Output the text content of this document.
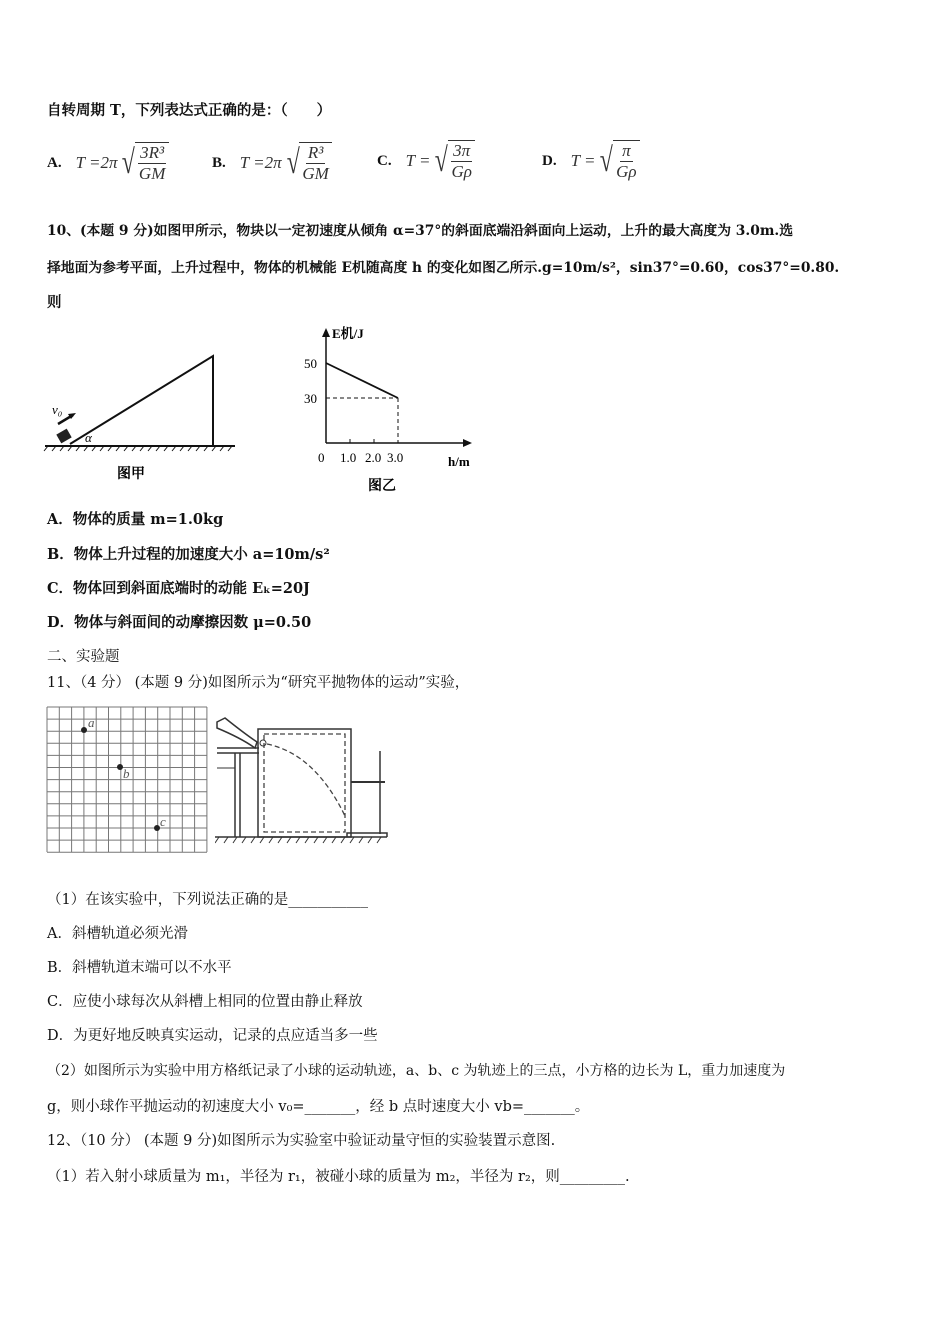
自转周期 T，下列表达式正确的是：（　　）
A. T =2π √ $\frac{\text{3R³}}{GM}$	B. T =2π √ $\frac{\text{R³}}{GM}$	C. T = √ $\frac{3\pi}{G\rho}$	D. T = √ $\frac{\pi}{G\rho}$
10、(本题 9 分)如图甲所示，物块以一定初速度从倾角 α=37°的斜面底端沿斜面向上运动，上升的最大高度为 3.0m.选
择地面为参考平面，上升过程中，物体的机械能 E机随高度 h 的变化如图乙所示.g=10m/s²，sin37°=0.60，cos37°=0.80.
则
v₀
α
图甲
E机/J
50
30
0 1.0 2.0 3.0	h/m
图乙
A．物体的质量 m=1.0kg
B．物体上升过程的加速度大小 a=10m/s²
C．物体回到斜面底端时的动能 Eₖ=20J
D．物体与斜面间的动摩擦因数 μ=0.50
二、实验题
11、（4 分） (本题 9 分)如图所示为“研究平抛物体的运动”实验，
a
b
c
（1）在该实验中，下列说法正确的是___________
A．斜槽轨道必须光滑
B．斜槽轨道末端可以不水平
C．应使小球每次从斜槽上相同的位置由静止释放
D．为更好地反映真实运动，记录的点应适当多一些
（2）如图所示为实验中用方格纸记录了小球的运动轨迹，a、b、c 为轨迹上的三点，小方格的边长为 L，重力加速度为
g，则小球作平抛运动的初速度大小 v₀=_______，经 b 点时速度大小 vb=_______。
12、（10 分） (本题 9 分)如图所示为实验室中验证动量守恒的实验装置示意图.
（1）若入射小球质量为 m₁，半径为 r₁，被碰小球的质量为 m₂，半径为 r₂，则_________.
